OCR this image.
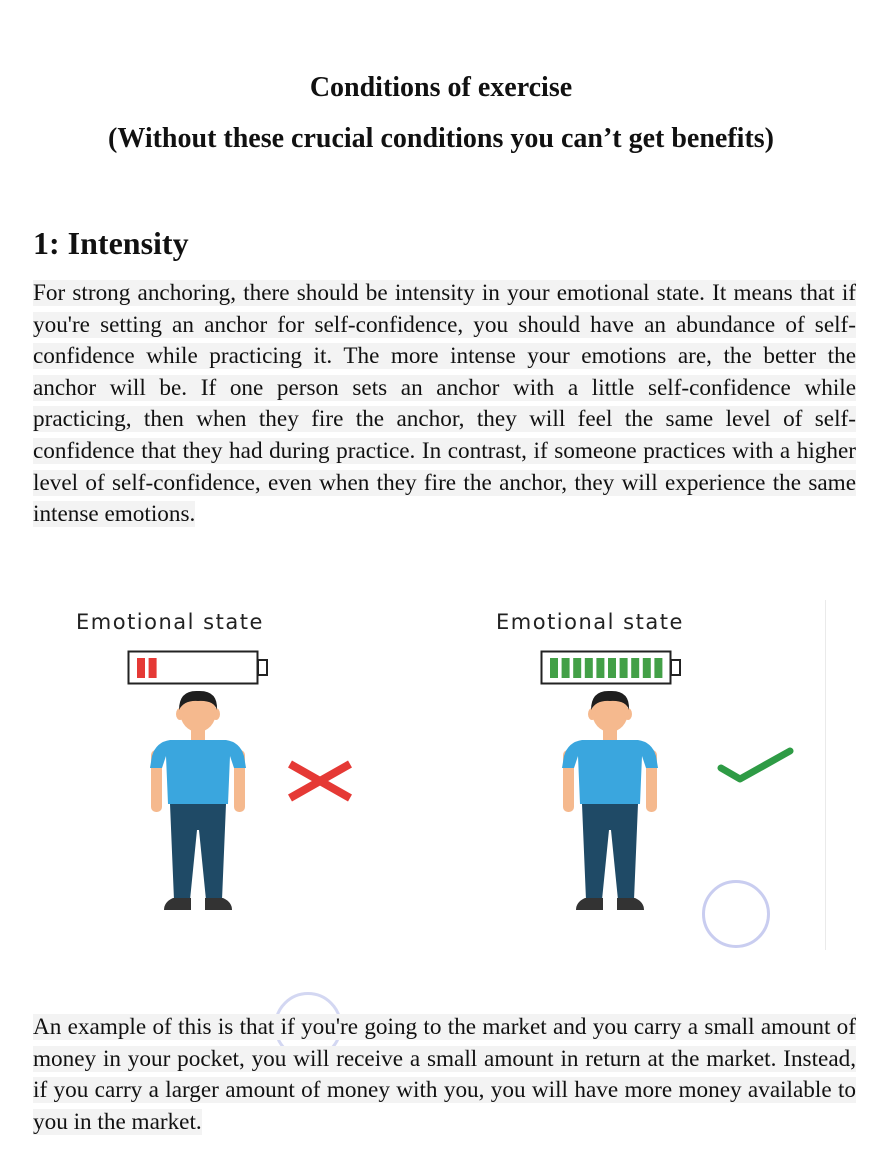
Conditions of exercise
(Without these crucial conditions you can’t get benefits)
1: Intensity

For strong anchoring, there should be intensity in your emotional state. It means that if you're setting an anchor for self-confidence, you should have an abundance of self-confidence while practicing it. The more intense your emotions are, the better the anchor will be. If one person sets an anchor with a little self-confidence while practicing, then when they fire the anchor, they will feel the same level of self-confidence that they had during practice. In contrast, if someone practices with a higher level of self-confidence, even when they fire the anchor, they will experience the same intense emotions.

Emotional state	Emotional state

An example of this is that if you're going to the market and you carry a small amount of money in your pocket, you will receive a small amount in return at the market. Instead, if you carry a larger amount of money with you, you will have more money available to you in the market.
